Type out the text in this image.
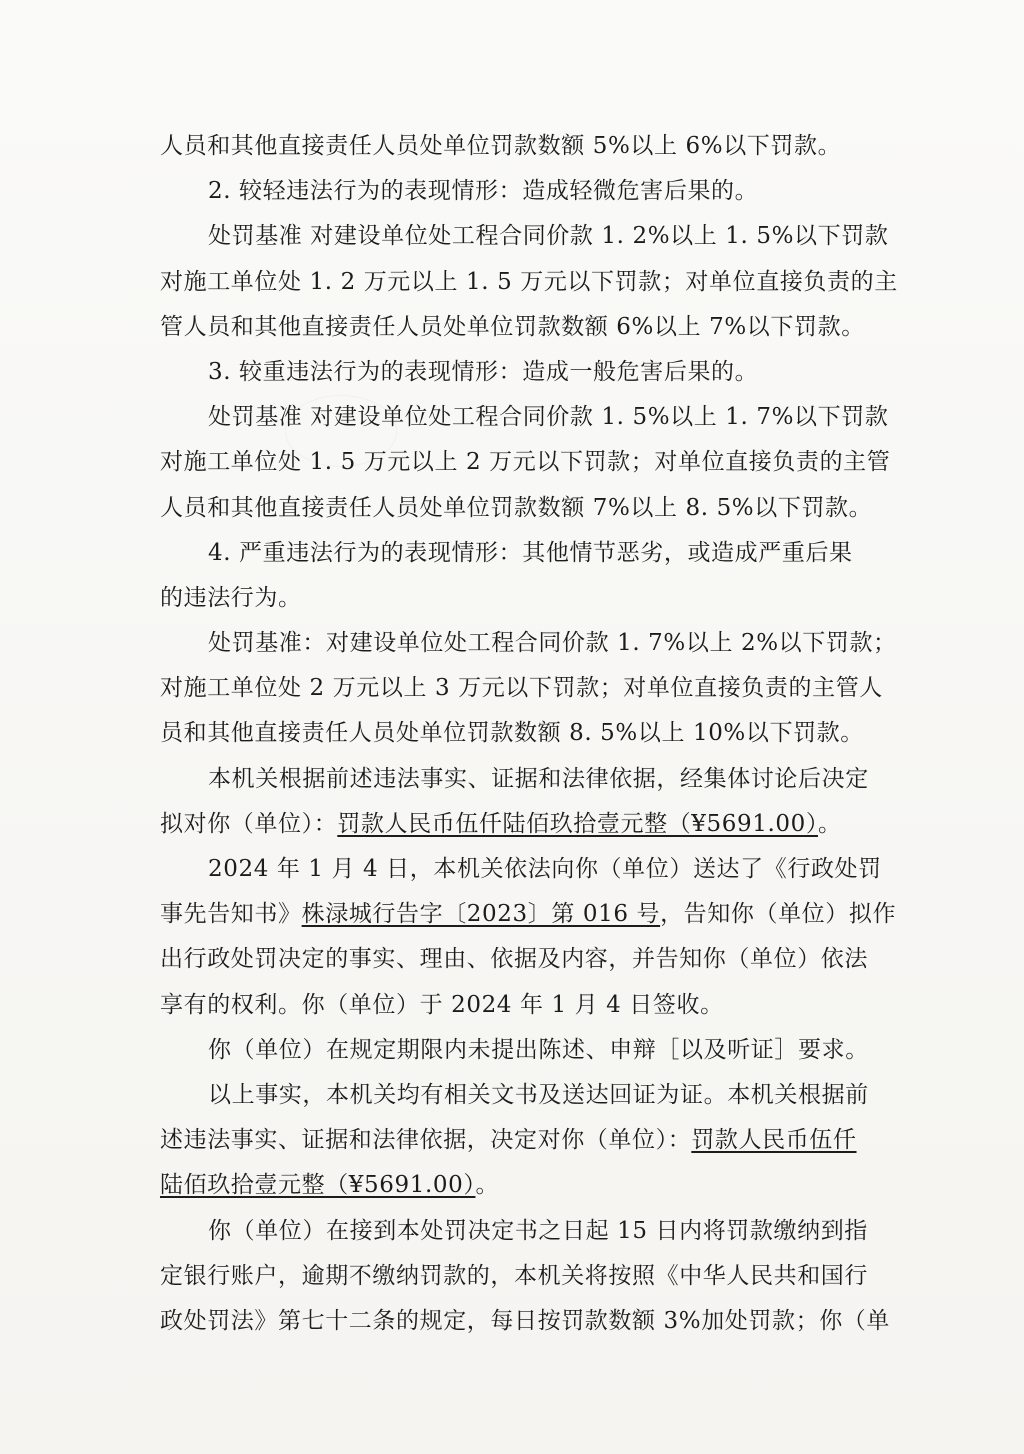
人员和其他直接责任人员处单位罚款数额 5%以上 6%以下罚款。
2. 较轻违法行为的表现情形：造成轻微危害后果的。
处罚基准 对建设单位处工程合同价款 1. 2%以上 1. 5%以下罚款
对施工单位处 1. 2 万元以上 1. 5 万元以下罚款；对单位直接负责的主
管人员和其他直接责任人员处单位罚款数额 6%以上 7%以下罚款。
3. 较重违法行为的表现情形：造成一般危害后果的。
处罚基准 对建设单位处工程合同价款 1. 5%以上 1. 7%以下罚款
对施工单位处 1. 5 万元以上 2 万元以下罚款；对单位直接负责的主管
人员和其他直接责任人员处单位罚款数额 7%以上 8. 5%以下罚款。
4. 严重违法行为的表现情形：其他情节恶劣，或造成严重后果
的违法行为。
处罚基准：对建设单位处工程合同价款 1. 7%以上 2%以下罚款；
对施工单位处 2 万元以上 3 万元以下罚款；对单位直接负责的主管人
员和其他直接责任人员处单位罚款数额 8. 5%以上 10%以下罚款。
本机关根据前述违法事实、证据和法律依据，经集体讨论后决定
拟对你（单位）：罚款人民币伍仟陆佰玖拾壹元整（¥5691.00）。
2024 年 1 月 4 日，本机关依法向你（单位）送达了《行政处罚
事先告知书》株渌城行告字〔2023〕第 016 号，告知你（单位）拟作
出行政处罚决定的事实、理由、依据及内容，并告知你（单位）依法
享有的权利。你（单位）于 2024 年 1 月 4 日签收。
你（单位）在规定期限内未提出陈述、申辩［以及听证］要求。
以上事实，本机关均有相关文书及送达回证为证。本机关根据前
述违法事实、证据和法律依据，决定对你（单位）：罚款人民币伍仟
陆佰玖拾壹元整（¥5691.00）。
你（单位）在接到本处罚决定书之日起 15 日内将罚款缴纳到指
定银行账户，逾期不缴纳罚款的，本机关将按照《中华人民共和国行
政处罚法》第七十二条的规定，每日按罚款数额 3%加处罚款；你（单
